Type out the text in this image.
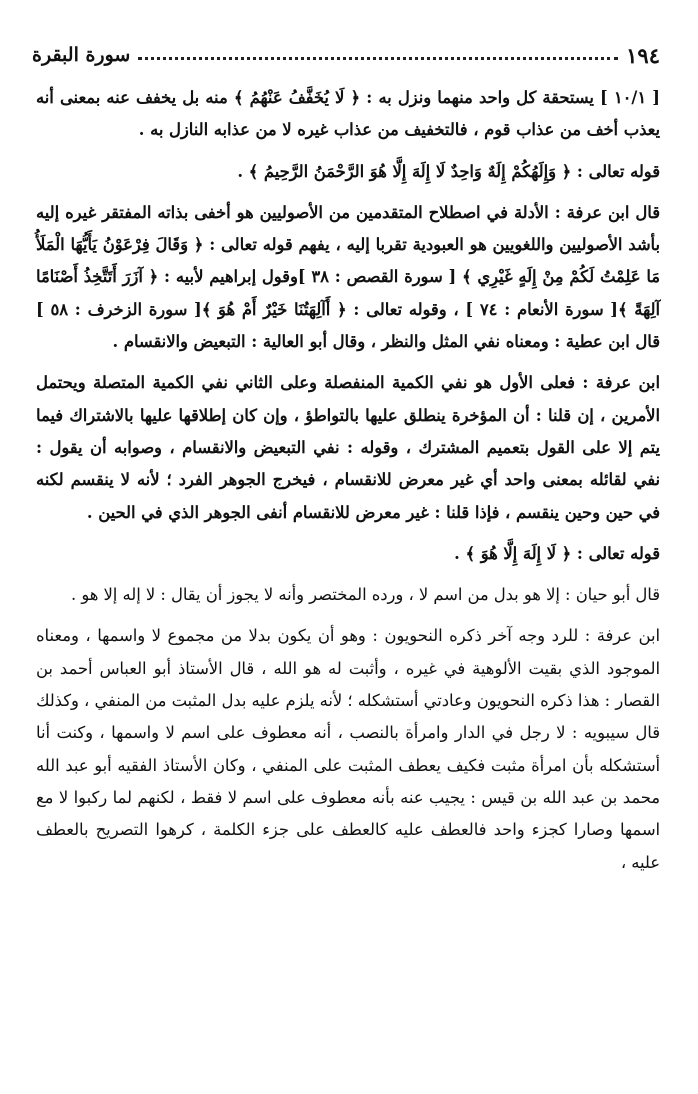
١٩٤
سورة البقرة

[ ١٠/١ ] يستحقة كل واحد منهما ونزل به : ﴿ لَا يُخَفَّفُ عَنْهُمُ ﴾ منه بل يخفف عنه بمعنى أنه يعذب أخف من عذاب قوم ، فالتخفيف من عذاب غيره لا من عذابه النازل به .

قوله تعالى : ﴿ وَإِلَهُكُمْ إِلَهٌ وَاحِدٌ لَا إِلَهَ إِلَّا هُوَ الرَّحْمَنُ الرَّحِيمُ ﴾ .

قال ابن عرفة : الأدلة في اصطلاح المتقدمين من الأصوليين هو أخفى بذاته المفتقر غيره إليه بأشد الأصوليين واللغويين هو العبودية تقربا إليه ، يفهم قوله تعالى : ﴿ وَقَالَ فِرْعَوْنُ يَأَيُّهَا الْمَلَأُ مَا عَلِمْتُ لَكُمْ مِنْ إِلَهٍ غَيْرِي ﴾ [ سورة القصص : ٣٨ ]وقول إبراهيم لأبيه : ﴿ آزَرَ أَتَتَّخِذُ أَصْنَامًا آلِهَةً ﴾[ سورة الأنعام : ٧٤ ] ، وقوله تعالى : ﴿ أَآلِهَتُنَا خَيْرٌ أَمْ هُوَ ﴾[ سورة الزخرف : ٥٨ ] قال ابن عطية : ومعناه نفي المثل والنظر ، وقال أبو العالية : التبعيض والانقسام .

ابن عرفة : فعلى الأول هو نفي الكمية المنفصلة وعلى الثاني نفي الكمية المتصلة ويحتمل الأمرين ، إن قلنا : أن المؤخرة ينطلق عليها بالتواطؤ ، وإن كان إطلاقها عليها بالاشتراك فيما يتم إلا على القول بتعميم المشترك ، وقوله : نفي التبعيض والانقسام ، وصوابه أن يقول : نفي لقائله بمعنى واحد أي غير معرض للانقسام ، فيخرج الجوهر الفرد ؛ لأنه لا ينقسم لكنه في حين وحين ينقسم ، فإذا قلنا : غير معرض للانقسام أنفى الجوهر الذي في الحين .

قوله تعالى : ﴿ لَا إِلَهَ إِلَّا هُوَ ﴾ .

قال أبو حيان : إلا هو بدل من اسم لا ، ورده المختصر وأنه لا يجوز أن يقال : لا إله إلا هو .

ابن عرفة : للرد وجه آخر ذكره النحويون : وهو أن يكون بدلا من مجموع لا واسمها ، ومعناه الموجود الذي بقيت الألوهية في غيره ، وأثبت له هو الله ، قال الأستاذ أبو العباس أحمد بن القصار : هذا ذكره النحويون وعادتي أستشكله ؛ لأنه يلزم عليه بدل المثبت من المنفي ، وكذلك قال سيبويه : لا رجل في الدار وامرأة بالنصب ، أنه معطوف على اسم لا واسمها ، وكنت أنا أستشكله بأن امرأة مثبت فكيف يعطف المثبت على المنفي ، وكان الأستاذ الفقيه أبو عبد الله محمد بن عبد الله بن قيس : يجيب عنه بأنه معطوف على اسم لا فقط ، لكنهم لما ركبوا لا مع اسمها وصارا كجزء واحد فالعطف عليه كالعطف على جزء الكلمة ، كرهوا التصريح بالعطف عليه ،
